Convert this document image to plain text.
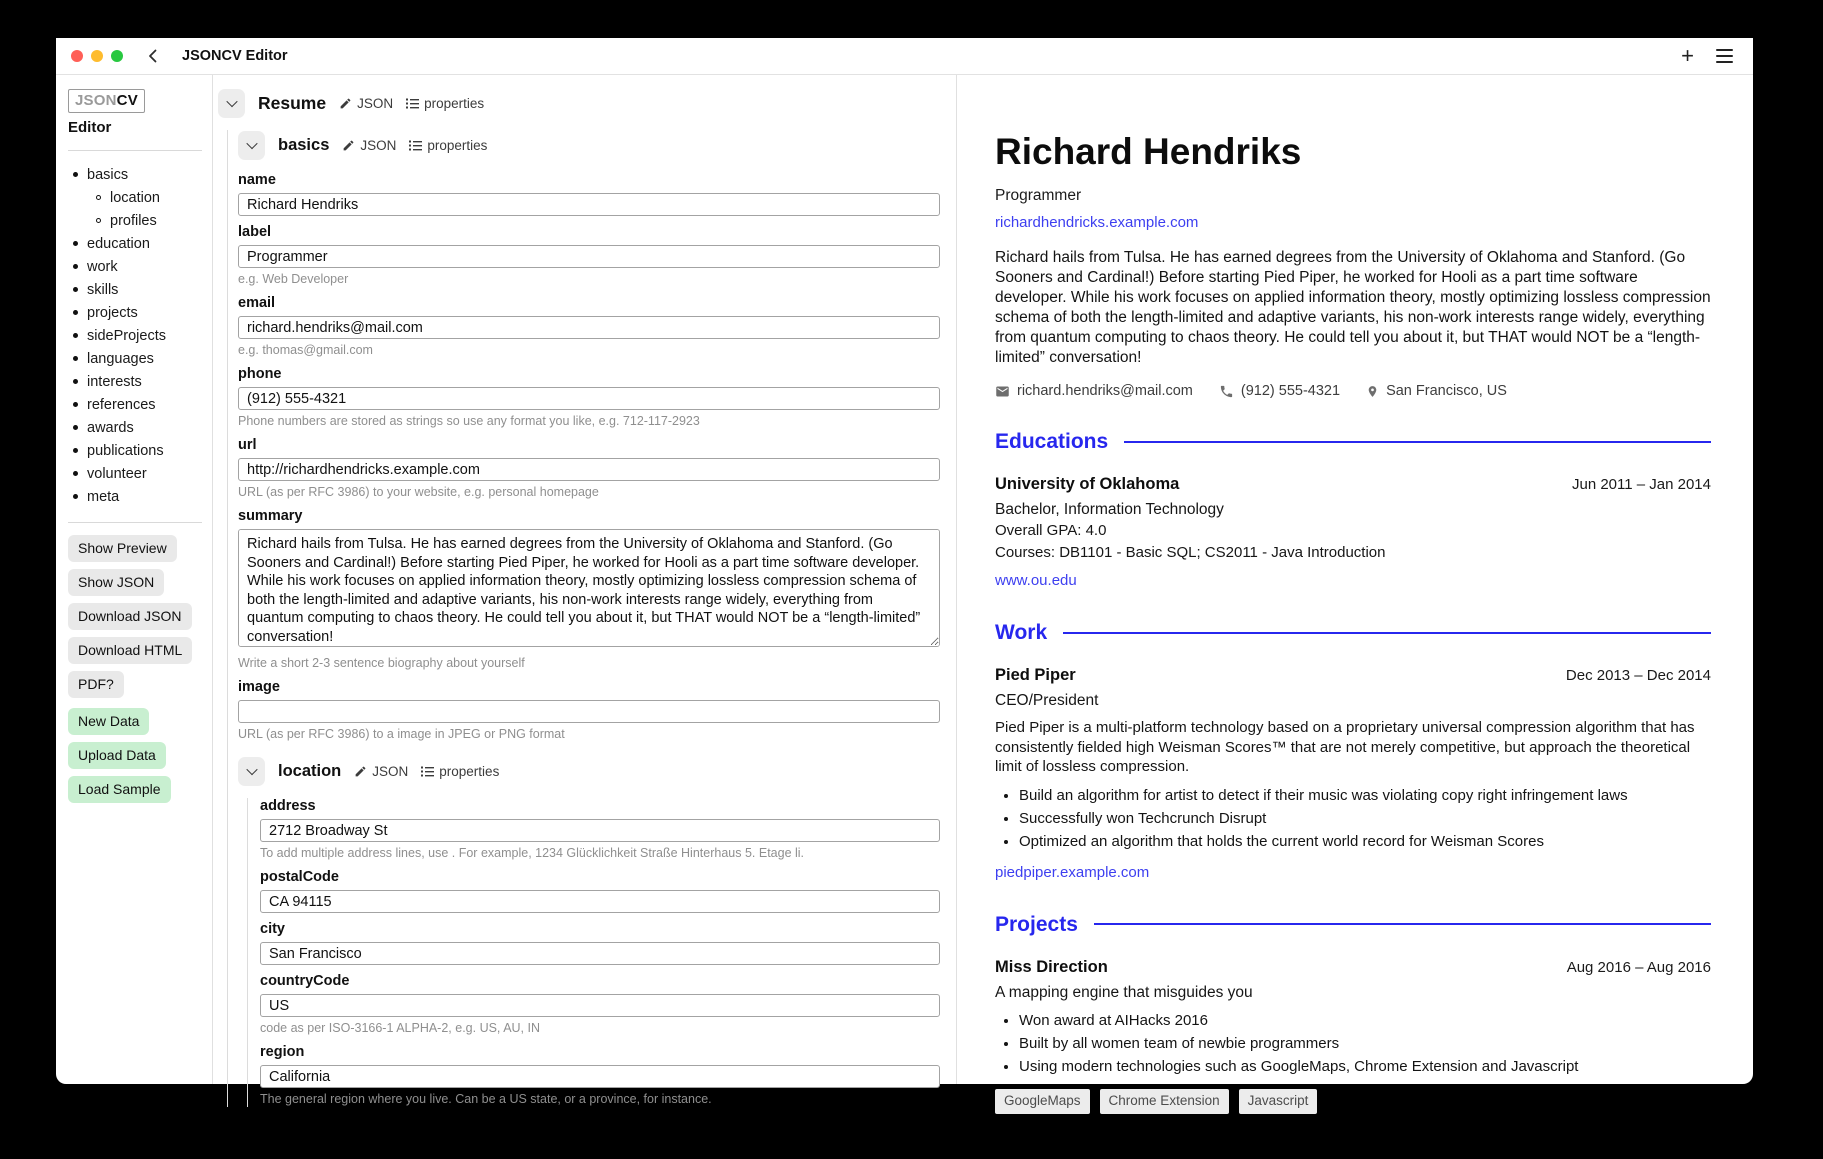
JSONCV Editor	+
JSONCV
Editor
basics
location
profiles
education
work
skills
projects
sideProjects
languages
interests
references
awards
publications
volunteer
meta
Show Preview
Show JSON
Download JSON
Download HTML
PDF?
New Data
Upload Data
Load Sample
Resume JSON properties
basics JSON properties
name
Richard Hendriks
label
Programmer
e.g. Web Developer
email
richard.hendriks@mail.com
e.g. thomas@gmail.com
phone
(912) 555-4321
Phone numbers are stored as strings so use any format you like, e.g. 712-117-2923
url
http://richardhendricks.example.com
URL (as per RFC 3986) to your website, e.g. personal homepage
summary
Richard hails from Tulsa. He has earned degrees from the University of Oklahoma and Stanford. (Go Sooners and Cardinal!) Before starting Pied Piper, he worked for Hooli as a part time software developer. While his work focuses on applied information theory, mostly optimizing lossless compression schema of both the length-limited and adaptive variants, his non-work interests range widely, everything from quantum computing to chaos theory. He could tell you about it, but THAT would NOT be a “length-limited” conversation!
Write a short 2-3 sentence biography about yourself
image
URL (as per RFC 3986) to a image in JPEG or PNG format
location JSON properties
address
2712 Broadway St
To add multiple address lines, use . For example, 1234 Glücklichkeit Straße Hinterhaus 5. Etage li.
postalCode
CA 94115
city
San Francisco
countryCode
US
code as per ISO-3166-1 ALPHA-2, e.g. US, AU, IN
region
California
The general region where you live. Can be a US state, or a province, for instance.
Richard Hendriks
Programmer
richardhendricks.example.com

Richard hails from Tulsa. He has earned degrees from the University of Oklahoma and Stanford. (Go Sooners and Cardinal!) Before starting Pied Piper, he worked for Hooli as a part time software developer. While his work focuses on applied information theory, mostly optimizing lossless compression schema of both the length-limited and adaptive variants, his non-work interests range widely, everything from quantum computing to chaos theory. He could tell you about it, but THAT would NOT be a “length-limited” conversation!

richard.hendriks@mail.com	(912) 555-4321	San Francisco, US
Educations
University of Oklahoma	Jun 2011 – Jan 2014
Bachelor, Information Technology
Overall GPA: 4.0
Courses: DB1101 - Basic SQL; CS2011 - Java Introduction
www.ou.edu
Work
Pied Piper	Dec 2013 – Dec 2014
CEO/President

Pied Piper is a multi-platform technology based on a proprietary universal compression algorithm that has consistently fielded high Weisman Scores™ that are not merely competitive, but approach the theoretical limit of lossless compression.

• Build an algorithm for artist to detect if their music was violating copy right infringement laws
• Successfully won Techcrunch Disrupt
• Optimized an algorithm that holds the current world record for Weisman Scores
piedpiper.example.com
Projects
Miss Direction	Aug 2016 – Aug 2016
A mapping engine that misguides you
• Won award at AIHacks 2016
• Built by all women team of newbie programmers
• Using modern technologies such as GoogleMaps, Chrome Extension and Javascript
GoogleMaps	Chrome Extension	Javascript
